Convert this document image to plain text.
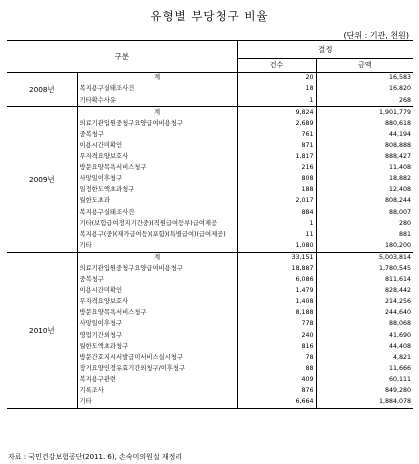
유형별 부당청구 비율
(단위 : 기관, 천원)
구분		결정	
		건수	금액
2008년	계	20	16,583
	복지용구실태조사건	18	16,820
	기타확수사유	1	268
2009년	계	9,824	1,901,779
	의료기관입원중청구요양급여비용청구	2,689	880,618
	중복청구	761	44,194
	이용시간미확인	871	808,888
	무자격요양보호사	1,817	888,427
	방문요양목욕서비스청구	216	11,408
	사망일이후청구	808	18,882
	일정한도액초과청구	188	12,408
	월한도초과	2,017	808,244
	복지용구실태조사건	884	88,007
	기타(보험급여정지기간중)(직원급여등부)급여제공	1	280
	복지용구(중)(재가급여등)(포함)(특별급여)(급여제공)	11	881
	기타	1,080	180,200
2010년	계	33,151	5,003,814
	의료기관입원중청구요양급여비용청구	18,887	1,780,545
	중복청구	6,086	811,614
	이용시간미확인	1,479	828,442
	무자격요양보호사	1,408	214,256
	방문요양목욕서비스청구	8,188	244,640
	사망일이후청구	778	88,068
	영업기간외청구	240	41,690
	월한도액초과청구	816	44,408
	방문간호지시서발급미서비스실시청구	78	4,821
	장기요양인정유효기간외청구/이후청구	88	11,666
	복지용구관련	409	60,111
	기록조사	876	849,280
	기타	6,664	1,884,078
자료 : 국민건강보험공단(2011. 6), 손숙미의원실 재정리
